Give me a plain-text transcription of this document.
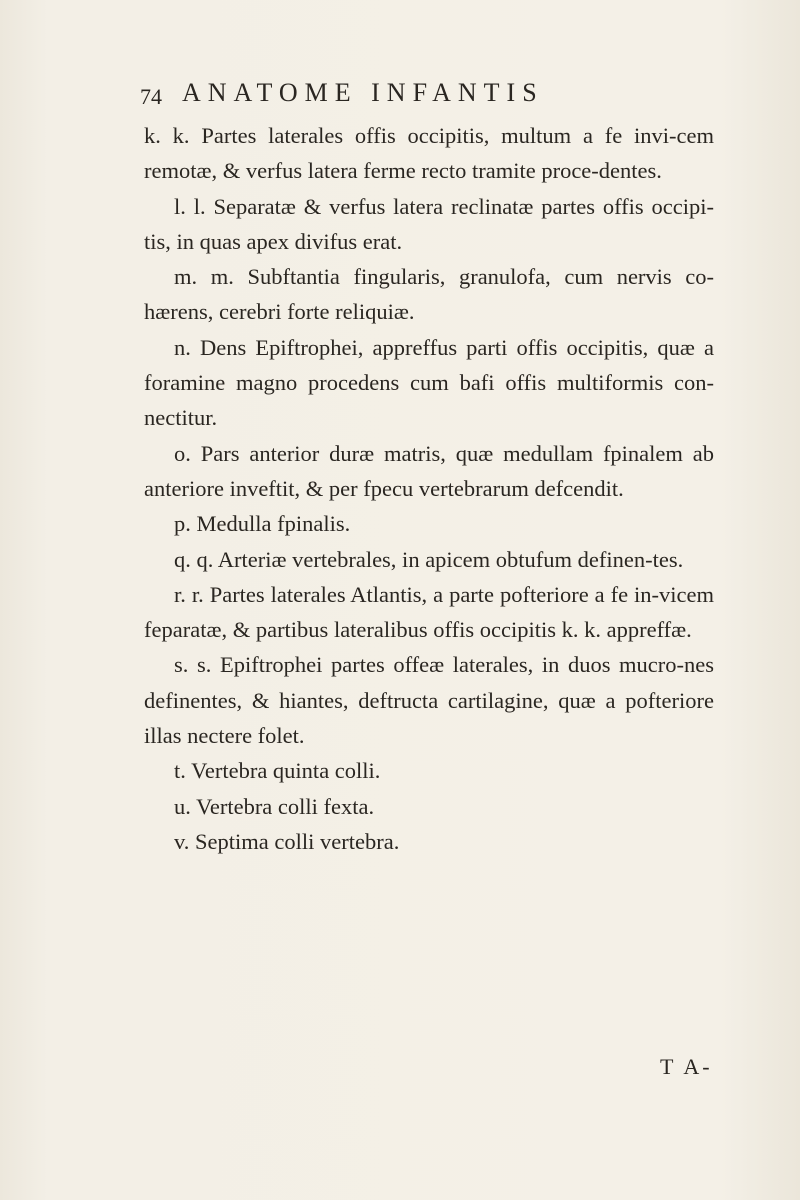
74 ANATOME INFANTIS

k. k. Partes laterales offis occipitis, multum a fe invi-cem remotæ, & verfus latera ferme recto tramite proce-dentes.

l. l. Separatæ & verfus latera reclinatæ partes offis occipi-tis, in quas apex divifus erat.

m. m. Subftantia fingularis, granulofa, cum nervis co-hærens, cerebri forte reliquiæ.

n. Dens Epiftrophei, appreffus parti offis occipitis, quæ a foramine magno procedens cum bafi offis multiformis con-nectitur.

o. Pars anterior duræ matris, quæ medullam fpinalem ab anteriore inveftit, & per fpecu vertebrarum defcendit.

p. Medulla fpinalis.

q. q. Arteriæ vertebrales, in apicem obtufum definen-tes.

r. r. Partes laterales Atlantis, a parte pofteriore a fe in-vicem feparatæ, & partibus lateralibus offis occipitis k. k. appreffæ.

s. s. Epiftrophei partes offeæ laterales, in duos mucro-nes definentes, & hiantes, deftructa cartilagine, quæ a pofteriore illas nectere folet.

t. Vertebra quinta colli.

u. Vertebra colli fexta.

v. Septima colli vertebra.

T A-
